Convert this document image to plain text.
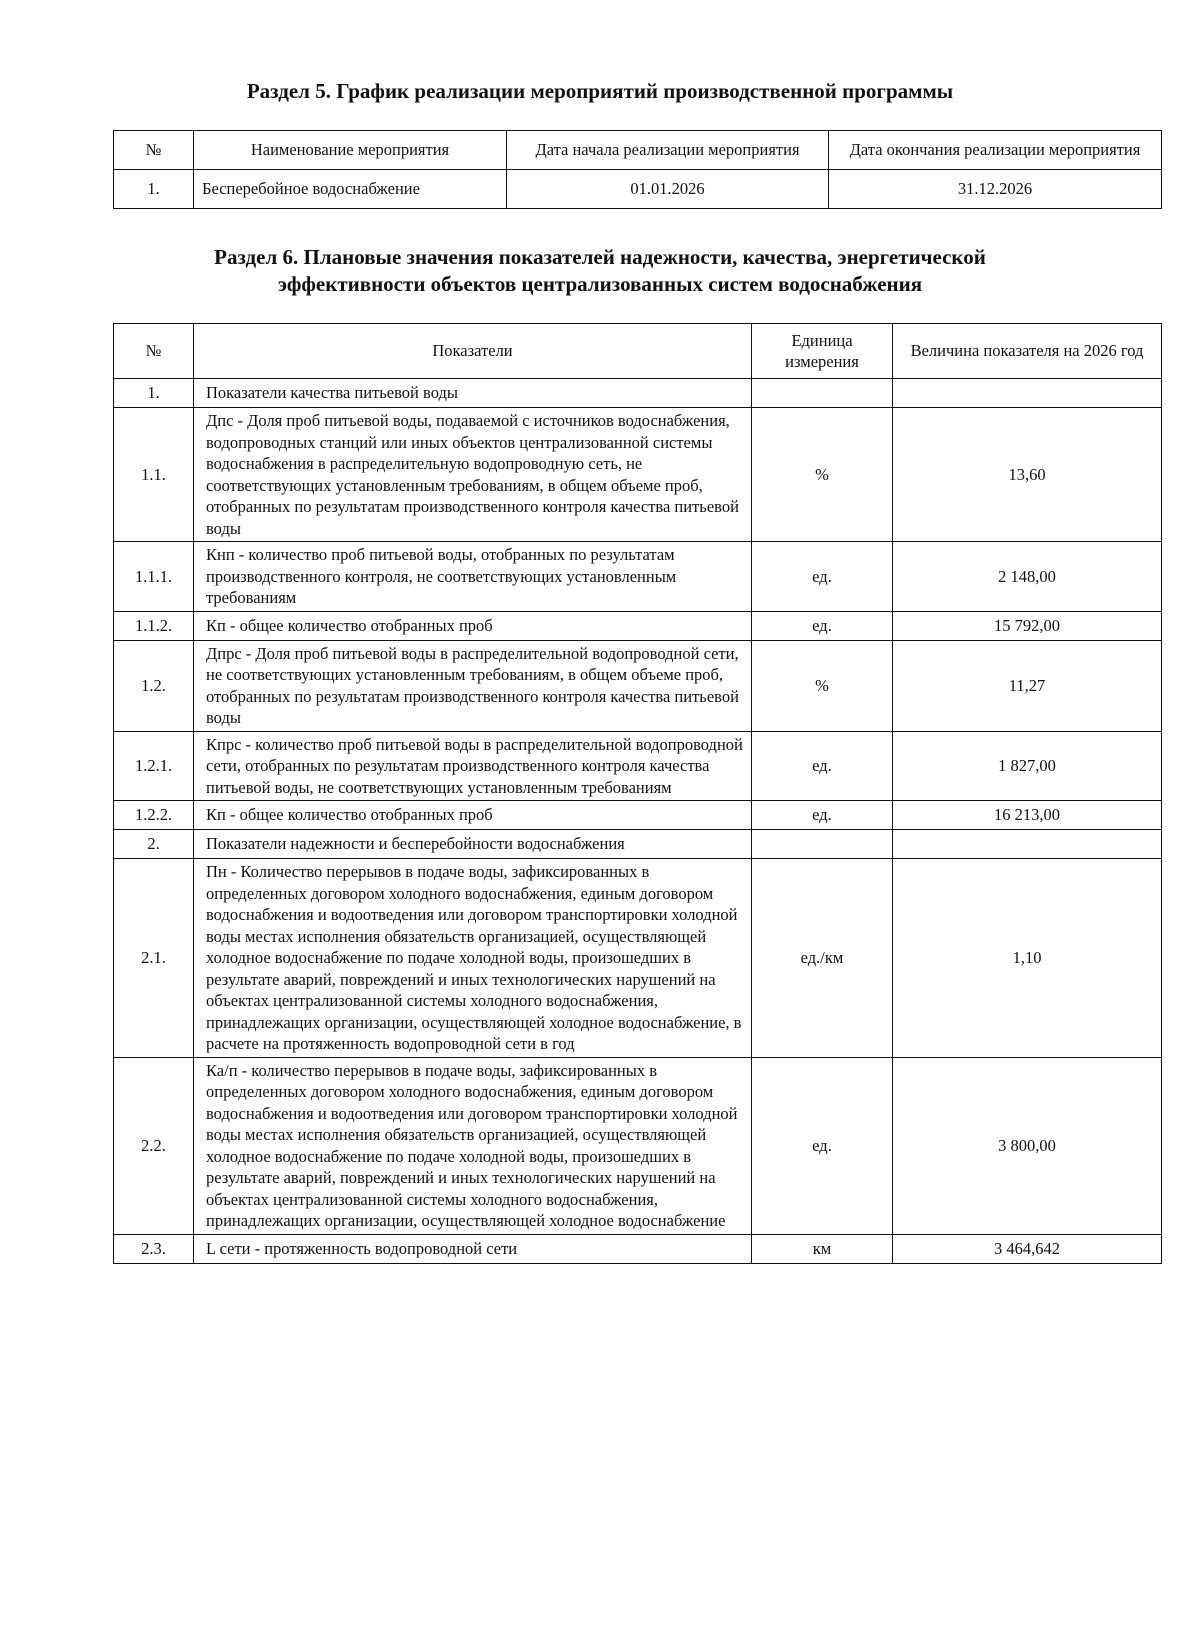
Раздел 5. График реализации мероприятий производственной программы
№	Наименование мероприятия	Дата начала реализации мероприятия	Дата окончания реализации мероприятия
1.	Бесперебойное водоснабжение	01.01.2026	31.12.2026
Раздел 6. Плановые значения показателей надежности, качества, энергетической
эффективности объектов централизованных систем водоснабжения
№	Показатели	Единица измерения	Величина показателя на 2026 год
1.	Показатели качества питьевой воды		
1.1.	Дпс - Доля проб питьевой воды, подаваемой с источников водоснабжения, водопроводных станций или иных объектов централизованной системы водоснабжения в распределительную водопроводную сеть, не соответствующих установленным требованиям, в общем объеме проб, отобранных по результатам производственного контроля качества питьевой воды	%	13,60
1.1.1.	Кнп - количество проб питьевой воды, отобранных по результатам производственного контроля, не соответствующих установленным требованиям	ед.	2 148,00
1.1.2.	Кп - общее количество отобранных проб	ед.	15 792,00
1.2.	Дпрс - Доля проб питьевой воды в распределительной водопроводной сети, не соответствующих установленным требованиям, в общем объеме проб, отобранных по результатам производственного контроля качества питьевой воды	%	11,27
1.2.1.	Кпрс - количество проб питьевой воды в распределительной водопроводной сети, отобранных по результатам производственного контроля качества питьевой воды, не соответствующих установленным требованиям	ед.	1 827,00
1.2.2.	Кп - общее количество отобранных проб	ед.	16 213,00
2.	Показатели надежности и бесперебойности водоснабжения		
2.1.	Пн - Количество перерывов в подаче воды, зафиксированных в определенных договором холодного водоснабжения, единым договором водоснабжения и водоотведения или договором транспортировки холодной воды местах исполнения обязательств организацией, осуществляющей холодное водоснабжение по подаче холодной воды, произошедших в результате аварий, повреждений и иных технологических нарушений на объектах централизованной системы холодного водоснабжения, принадлежащих организации, осуществляющей холодное водоснабжение, в расчете на протяженность водопроводной сети в год	ед./км	1,10
2.2.	Ка/п - количество перерывов в подаче воды, зафиксированных в определенных договором холодного водоснабжения, единым договором водоснабжения и водоотведения или договором транспортировки холодной воды местах исполнения обязательств организацией, осуществляющей холодное водоснабжение по подаче холодной воды, произошедших в результате аварий, повреждений и иных технологических нарушений на объектах централизованной системы холодного водоснабжения, принадлежащих организации, осуществляющей холодное водоснабжение	ед.	3 800,00
2.3.	L сети - протяженность водопроводной сети	км	3 464,642
